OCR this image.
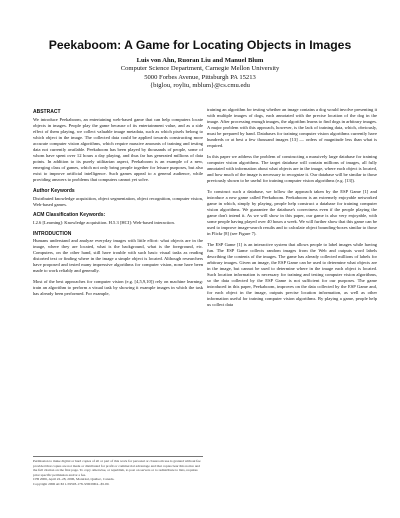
Peekaboom: A Game for Locating Objects in Images
Luis von Ahn, Ruoran Liu and Manuel Blum
Computer Science Department, Carnegie Mellon University
5000 Forbes Avenue, Pittsburgh PA 15213
{biglou, royliu, mblum}@cs.cmu.edu
ABSTRACT

We introduce Peekaboom, an entertaining web-based game that can help computers locate objects in images. People play the game because of its entertainment value, and as a side effect of them playing, we collect valuable image metadata, such as which pixels belong to which object in the image. The collected data could be applied towards constructing more accurate computer vision algorithms, which require massive amounts of training and testing data not currently available. Peekaboom has been played by thousands of people, some of whom have spent over 12 hours a day playing, and thus far has generated millions of data points. In addition to its purely utilitarian aspect, Peekaboom is an example of a new, emerging class of games, which not only bring people together for leisure purposes, but also exist to improve artificial intelligence. Such games appeal to a general audience, while providing answers to problems that computers cannot yet solve.

Author Keywords

Distributed knowledge acquisition, object segmentation, object recognition, computer vision, Web-based games.

ACM Classification Keywords:

I.2.6 [Learning]: Knowledge acquisition. H.5.3 [HCI]: Web-based interaction.

INTRODUCTION

Humans understand and analyze everyday images with little effort: what objects are in the image, where they are located, what is the background, what is the foreground, etc. Computers, on the other hand, still have trouble with such basic visual tasks as reading distorted text or finding where in the image a simple object is located. Although researchers have proposed and tested many impressive algorithms for computer vision, none have been made to work reliably and generally.

Most of the best approaches for computer vision (e.g. [4,5,9,10]) rely on machine learning: train an algorithm to perform a visual task by showing it example images in which the task has already been performed. For example,

Permission to make digital or hard copies of all or part of this work for personal or classroom use is granted without fee provided that copies are not made or distributed for profit or commercial advantage and that copies bear this notice and the full citation on the first page. To copy otherwise, or republish, to post on servers or to redistribute to lists, requires prior specific permission and/or a fee.
CHI 2006, April 22–28, 2006, Montréal, Québec, Canada.
Copyright 2006 ACM 1-59593-178-3/06/0004...$5.00.

training an algorithm for testing whether an image contains a dog would involve presenting it with multiple images of dogs, each annotated with the precise location of the dog in the image. After processing enough images, the algorithm learns to find dogs in arbitrary images. A major problem with this approach, however, is the lack of training data, which, obviously, must be prepared by hand. Databases for training computer vision algorithms currently have hundreds or at best a few thousand images [13] — orders of magnitude less than what is required.

In this paper we address the problem of constructing a massively large database for training computer vision algorithms. The target database will contain millions of images, all fully annotated with information about what objects are in the image, where each object is located, and how much of the image is necessary to recognize it. Our database will be similar to those previously shown to be useful for training computer vision algorithms (e.g. [13]).

To construct such a database, we follow the approach taken by the ESP Game [1] and introduce a new game called Peekaboom. Peekaboom is an extremely enjoyable networked game in which, simply by playing, people help construct a database for training computer vision algorithms. We guarantee the database's correctness even if the people playing the game don't intend it. As we will show in this paper, our game is also very enjoyable, with some people having played over 40 hours a week. We will further show that this game can be used to improve image-search results and to calculate object bounding-boxes similar to those in Flickr [8] (see Figure 7).

The ESP Game [1] is an interactive system that allows people to label images while having fun. The ESP Game collects random images from the Web and outputs word labels describing the contents of the images. The game has already collected millions of labels for arbitrary images. Given an image, the ESP Game can be used to determine what objects are in the image, but cannot be used to determine where in the image each object is located. Such location information is necessary for training and testing computer vision algorithms, so the data collected by the ESP Game is not sufficient for our purposes. The game introduced in this paper, Peekaboom, improves on the data collected by the ESP Game and, for each object in the image, outputs precise location information, as well as other information useful for training computer vision algorithms. By playing a game, people help us collect data
